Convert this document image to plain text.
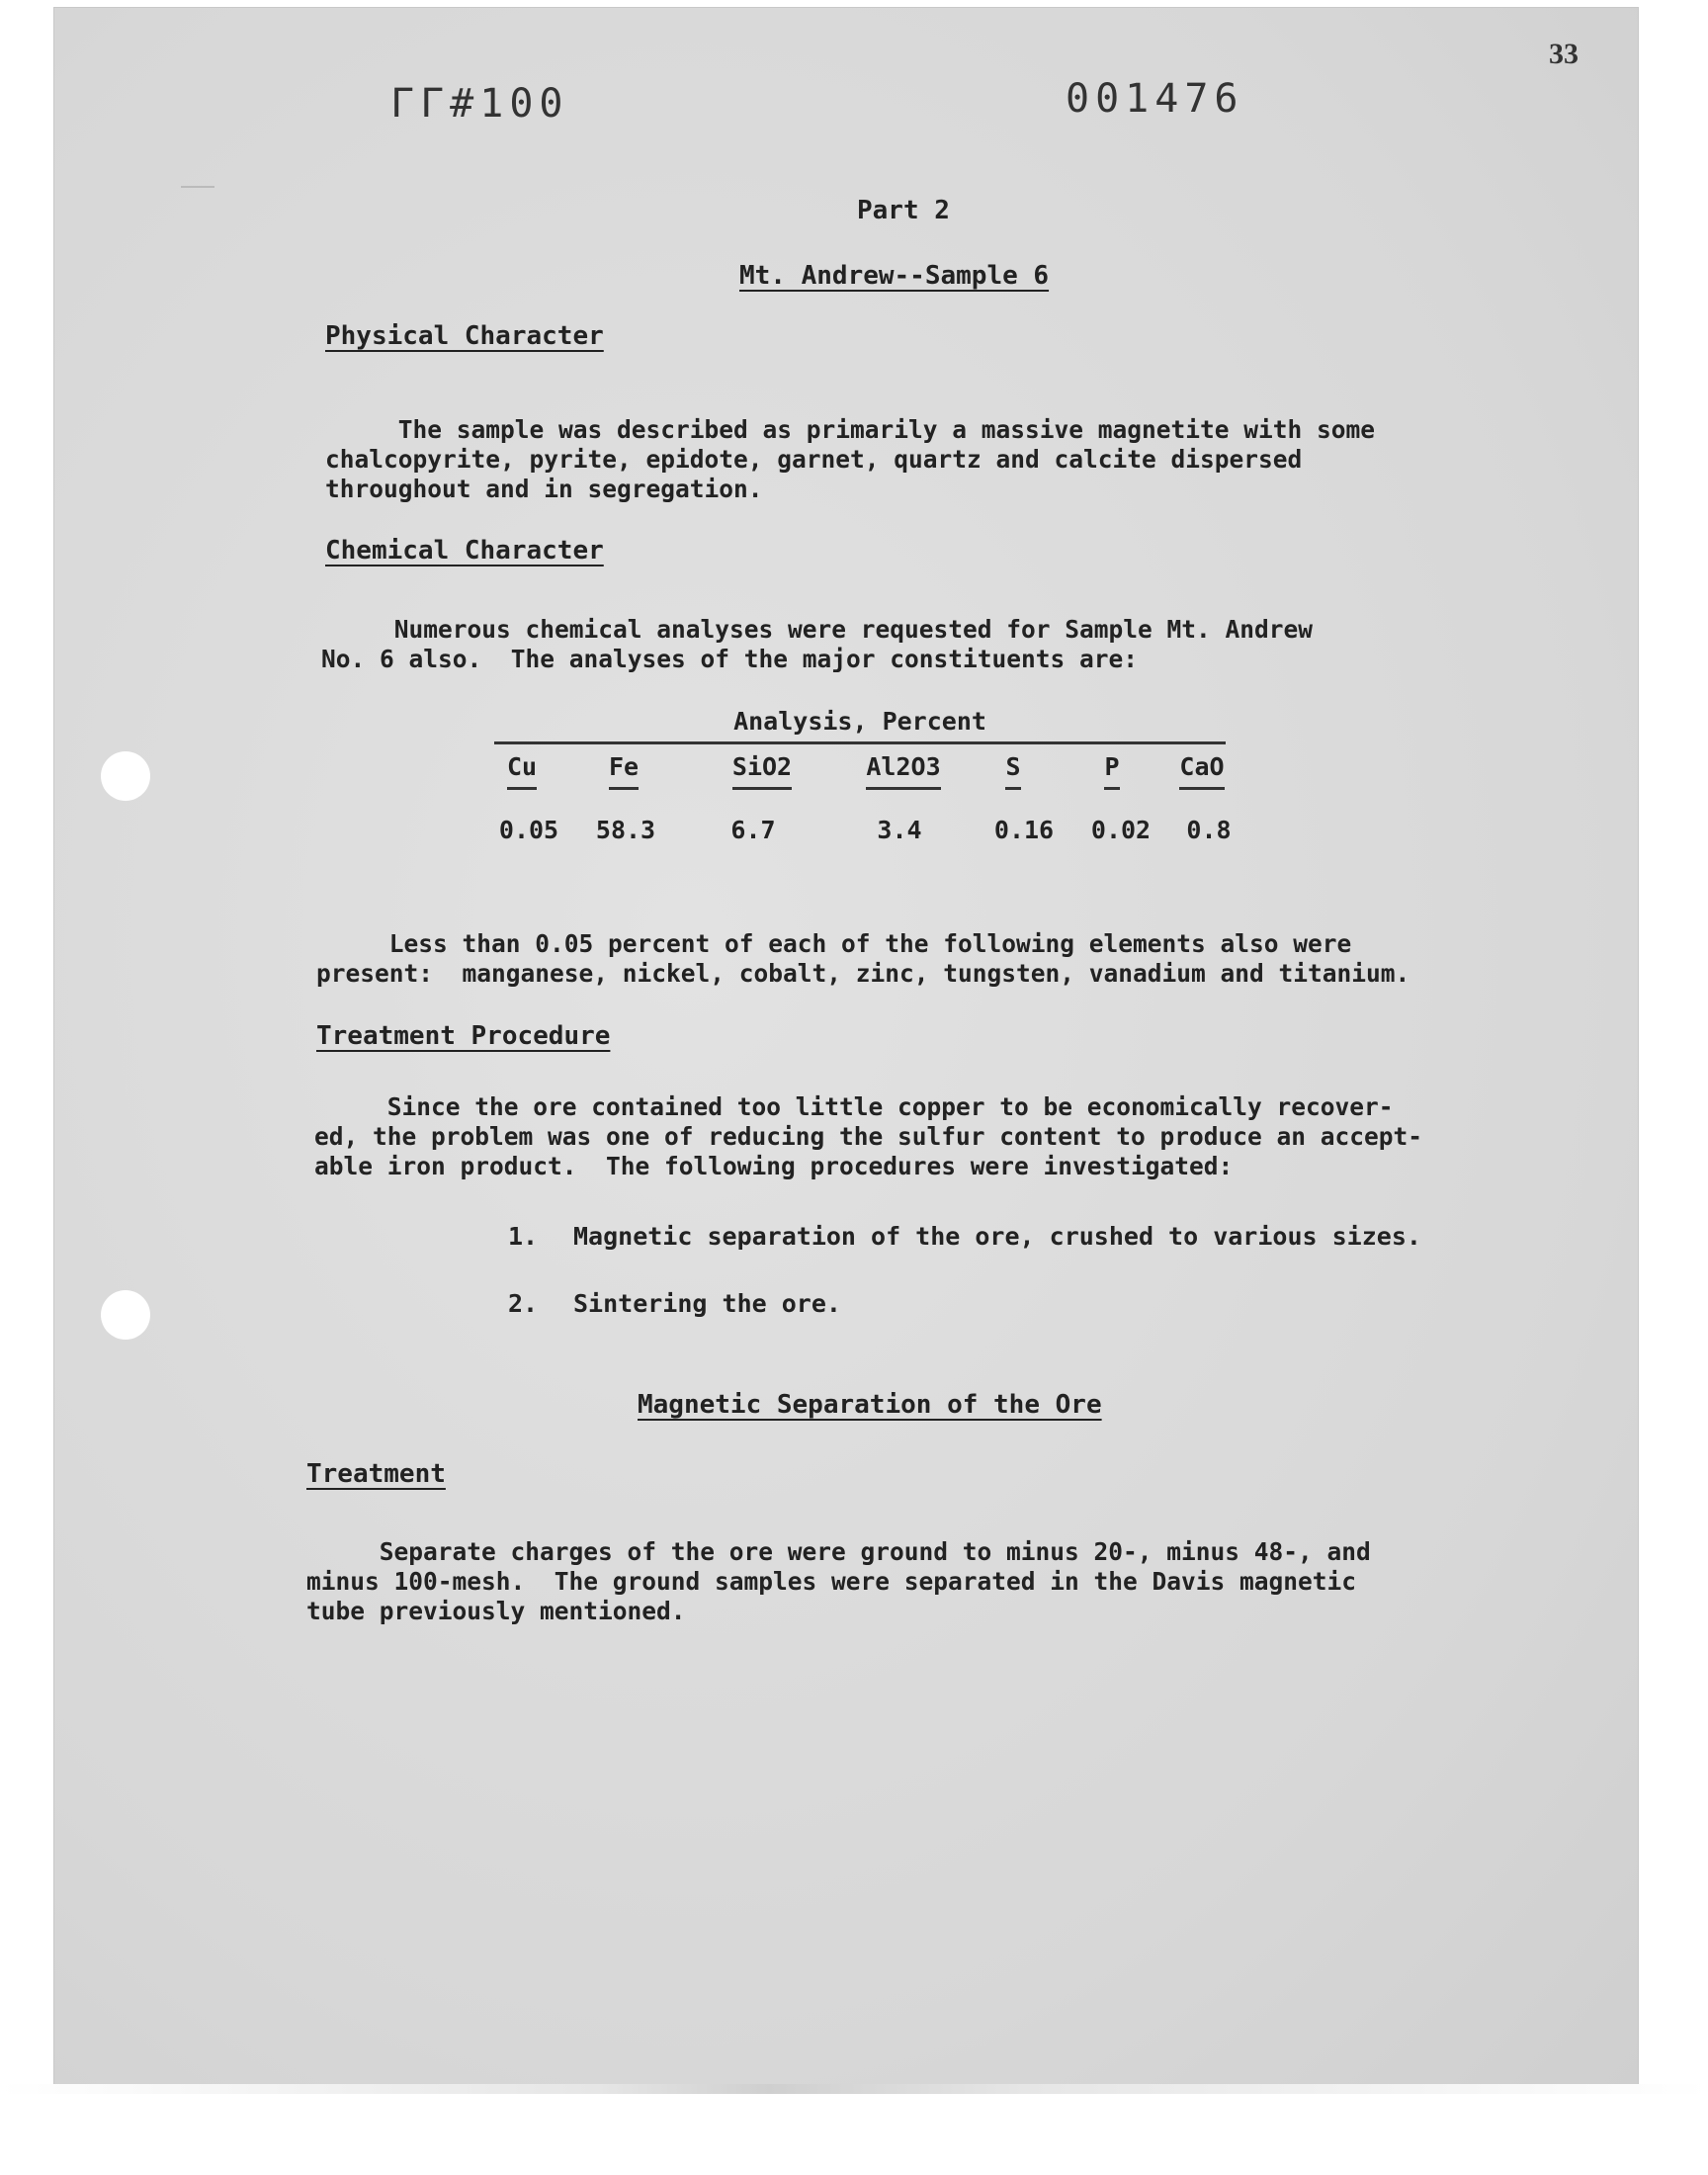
ΓΓ#100	001476
33
Part 2
Mt. Andrew--Sample 6
Physical Character

The sample was described as primarily a massive magnetite with some
chalcopyrite, pyrite, epidote, garnet, quartz and calcite dispersed
throughout and in segregation.

Chemical Character

Numerous chemical analyses were requested for Sample Mt. Andrew
No. 6 also.  The analyses of the major constituents are:

Analysis, Percent
Cu	Fe	SiO2	Al2O3	S	P CaO
0.05 58.3	6.7	3.4	0.16 0.02 0.8

Less than 0.05 percent of each of the following elements also were
present:  manganese, nickel, cobalt, zinc, tungsten, vanadium and titanium.

Treatment Procedure

Since the ore contained too little copper to be economically recover-
ed, the problem was one of reducing the sulfur content to produce an accept-
able iron product.  The following procedures were investigated:

1. Magnetic separation of the ore, crushed to various sizes.
2. Sintering the ore.
Magnetic Separation of the Ore
Treatment

Separate charges of the ore were ground to minus 20-, minus 48-, and
minus 100-mesh.  The ground samples were separated in the Davis magnetic
tube previously mentioned.
